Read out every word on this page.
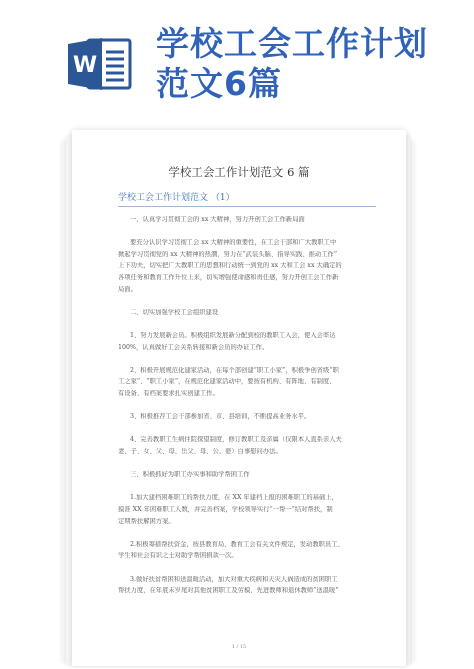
W
学校工会工作计划
范文6篇
学校工会工作计划范文 6 篇
学校工会工作计划范文 （1）
一、认真学习贯彻工会的 xx 大精神，努力开创工会工作新局面
要充分认识学习贯彻工会 xx 大精神的重要性，在工会干部和广大教职工中
掀起学习贯彻党的 xx 大精神的热潮，努力在“武装头脑、指导实践、推动工作”
上下功夫，切实把广大教职工的思想和行动统一到党的 xx 大和工会 xx 大确定的
各项任务和教育工作升位上来，切实增强使命感和责任感，努力开创工会工作新
局面。
二、切实加强学校工会组织建设
1、努力发展新会员。积极组织发展新分配到校的教职工入会，使入会率达
100%，认真做好工会关系转接和新会员的办证工作。
2、积极开展规范化建家活动，在每个部创建“职工小家”，积极争创省级“职
工之家”、“职工小家”，在规范化建家活动中，要按有机构、有阵地、有制度、
有设备、有档案要求扎实创建工作。
3、积极推荐工会干部参加省、市、县培训，不断提高业务水平。
4、完善教职工生病住院探望制度，修订教职工及亲属（仅限本人直系亲人夫
妻、子、女、父、母、岳父、母、公、婆）白事慰问办法。
三、积极抓好为职工办实事和助学帮困工作
1.加大建档困难职工的帮扶力度，在 XX 年建档上报的困难职工的基础上，
摸准 XX 年困难职工人数，并完善档案，学校领导实行“一帮一”结对帮扶，制
定期帮扶解困方案。
2.积极筹措帮扶资金，按县教育局、教育工会有关文件规定，发动教职员工、
学生和社会有识之士对助学帮困捐款一次。
3.做好扶贫帮困和送温暖活动，加大对重大疾病和天灾人祸造成的贫困职工
帮扶力度，在年底末岁尾对其他贫困职工及劳模、先进教师和退休教师“送温暖”
1 / 15
